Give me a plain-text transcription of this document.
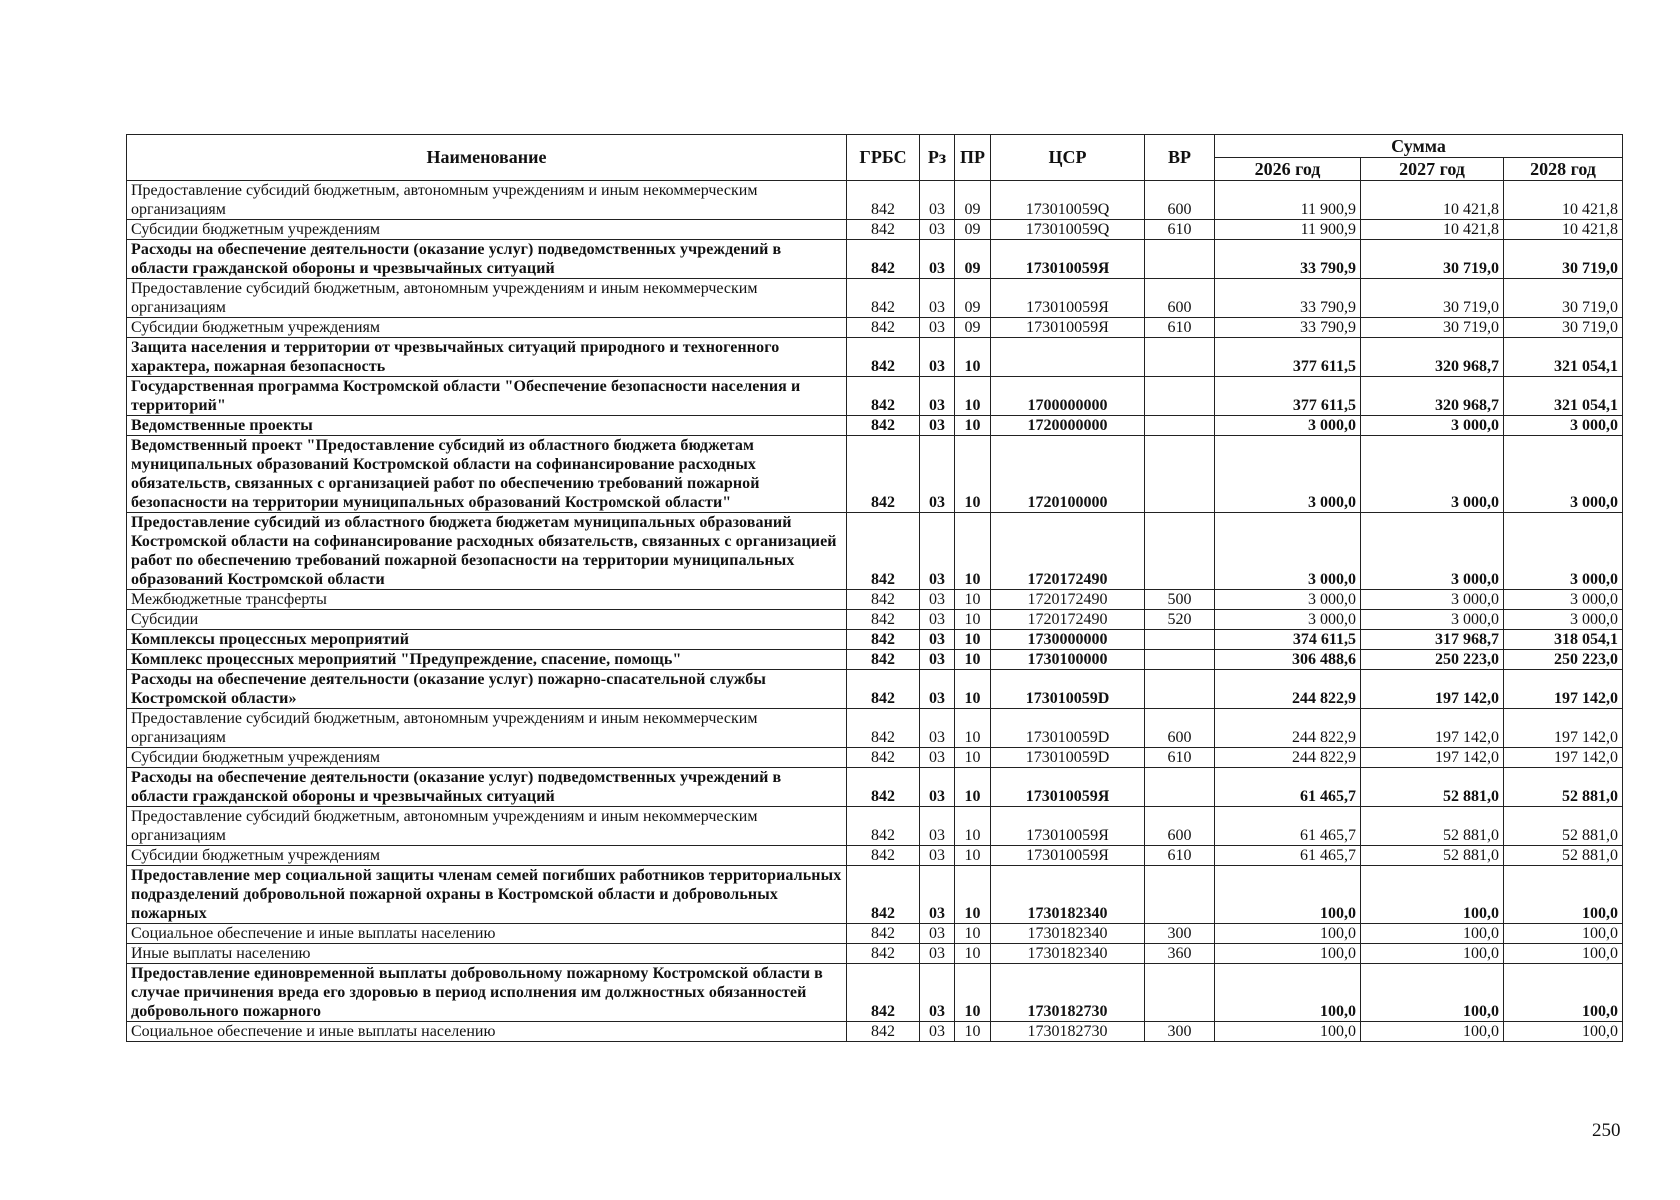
Наименование	ГРБС	Рз	ПР	ЦСР	ВР	Сумма		
						2026 год	2027 год	2028 год
Предоставление субсидий бюджетным, автономным учреждениям и иным некоммерческим организациям	842	03	09	173010059Q	600	11 900,9	10 421,8	10 421,8
Субсидии бюджетным учреждениям	842	03	09	173010059Q	610	11 900,9	10 421,8	10 421,8
Расходы на обеспечение деятельности (оказание услуг) подведомственных учреждений в области гражданской обороны и чрезвычайных ситуаций	842	03	09	173010059Я		33 790,9	30 719,0	30 719,0
Предоставление субсидий бюджетным, автономным учреждениям и иным некоммерческим организациям	842	03	09	173010059Я	600	33 790,9	30 719,0	30 719,0
Субсидии бюджетным учреждениям	842	03	09	173010059Я	610	33 790,9	30 719,0	30 719,0
Защита населения и территории от чрезвычайных ситуаций природного и техногенного характера, пожарная безопасность	842	03	10			377 611,5	320 968,7	321 054,1
Государственная программа Костромской области "Обеспечение безопасности населения и территорий"	842	03	10	1700000000		377 611,5	320 968,7	321 054,1
Ведомственные проекты	842	03	10	1720000000		3 000,0	3 000,0	3 000,0
Ведомственный проект "Предоставление субсидий из областного бюджета бюджетам муниципальных образований Костромской области на софинансирование расходных обязательств, связанных с организацией работ по обеспечению требований пожарной безопасности на территории муниципальных образований Костромской области"	842	03	10	1720100000		3 000,0	3 000,0	3 000,0
Предоставление субсидий из областного бюджета бюджетам муниципальных образований Костромской области на софинансирование расходных обязательств, связанных с организацией работ по обеспечению требований пожарной безопасности на территории муниципальных образований Костромской области	842	03	10	1720172490		3 000,0	3 000,0	3 000,0
Межбюджетные трансферты	842	03	10	1720172490	500	3 000,0	3 000,0	3 000,0
Субсидии	842	03	10	1720172490	520	3 000,0	3 000,0	3 000,0
Комплексы процессных мероприятий	842	03	10	1730000000		374 611,5	317 968,7	318 054,1
Комплекс процессных мероприятий "Предупреждение, спасение, помощь"	842	03	10	1730100000		306 488,6	250 223,0	250 223,0
Расходы на обеспечение деятельности (оказание услуг) пожарно-спасательной службы Костромской области»	842	03	10	173010059D		244 822,9	197 142,0	197 142,0
Предоставление субсидий бюджетным, автономным учреждениям и иным некоммерческим организациям	842	03	10	173010059D	600	244 822,9	197 142,0	197 142,0
Субсидии бюджетным учреждениям	842	03	10	173010059D	610	244 822,9	197 142,0	197 142,0
Расходы на обеспечение деятельности (оказание услуг) подведомственных учреждений в области гражданской обороны и чрезвычайных ситуаций	842	03	10	173010059Я		61 465,7	52 881,0	52 881,0
Предоставление субсидий бюджетным, автономным учреждениям и иным некоммерческим организациям	842	03	10	173010059Я	600	61 465,7	52 881,0	52 881,0
Субсидии бюджетным учреждениям	842	03	10	173010059Я	610	61 465,7	52 881,0	52 881,0
Предоставление мер социальной защиты членам семей погибших работников территориальных подразделений добровольной пожарной охраны в Костромской области и добровольных пожарных	842	03	10	1730182340		100,0	100,0	100,0
Социальное обеспечение и иные выплаты населению	842	03	10	1730182340	300	100,0	100,0	100,0
Иные выплаты населению	842	03	10	1730182340	360	100,0	100,0	100,0
Предоставление единовременной выплаты добровольному пожарному Костромской области в случае причинения вреда его здоровью в период исполнения им должностных обязанностей добровольного пожарного	842	03	10	1730182730		100,0	100,0	100,0
Социальное обеспечение и иные выплаты населению	842	03	10	1730182730	300	100,0	100,0	100,0
250
